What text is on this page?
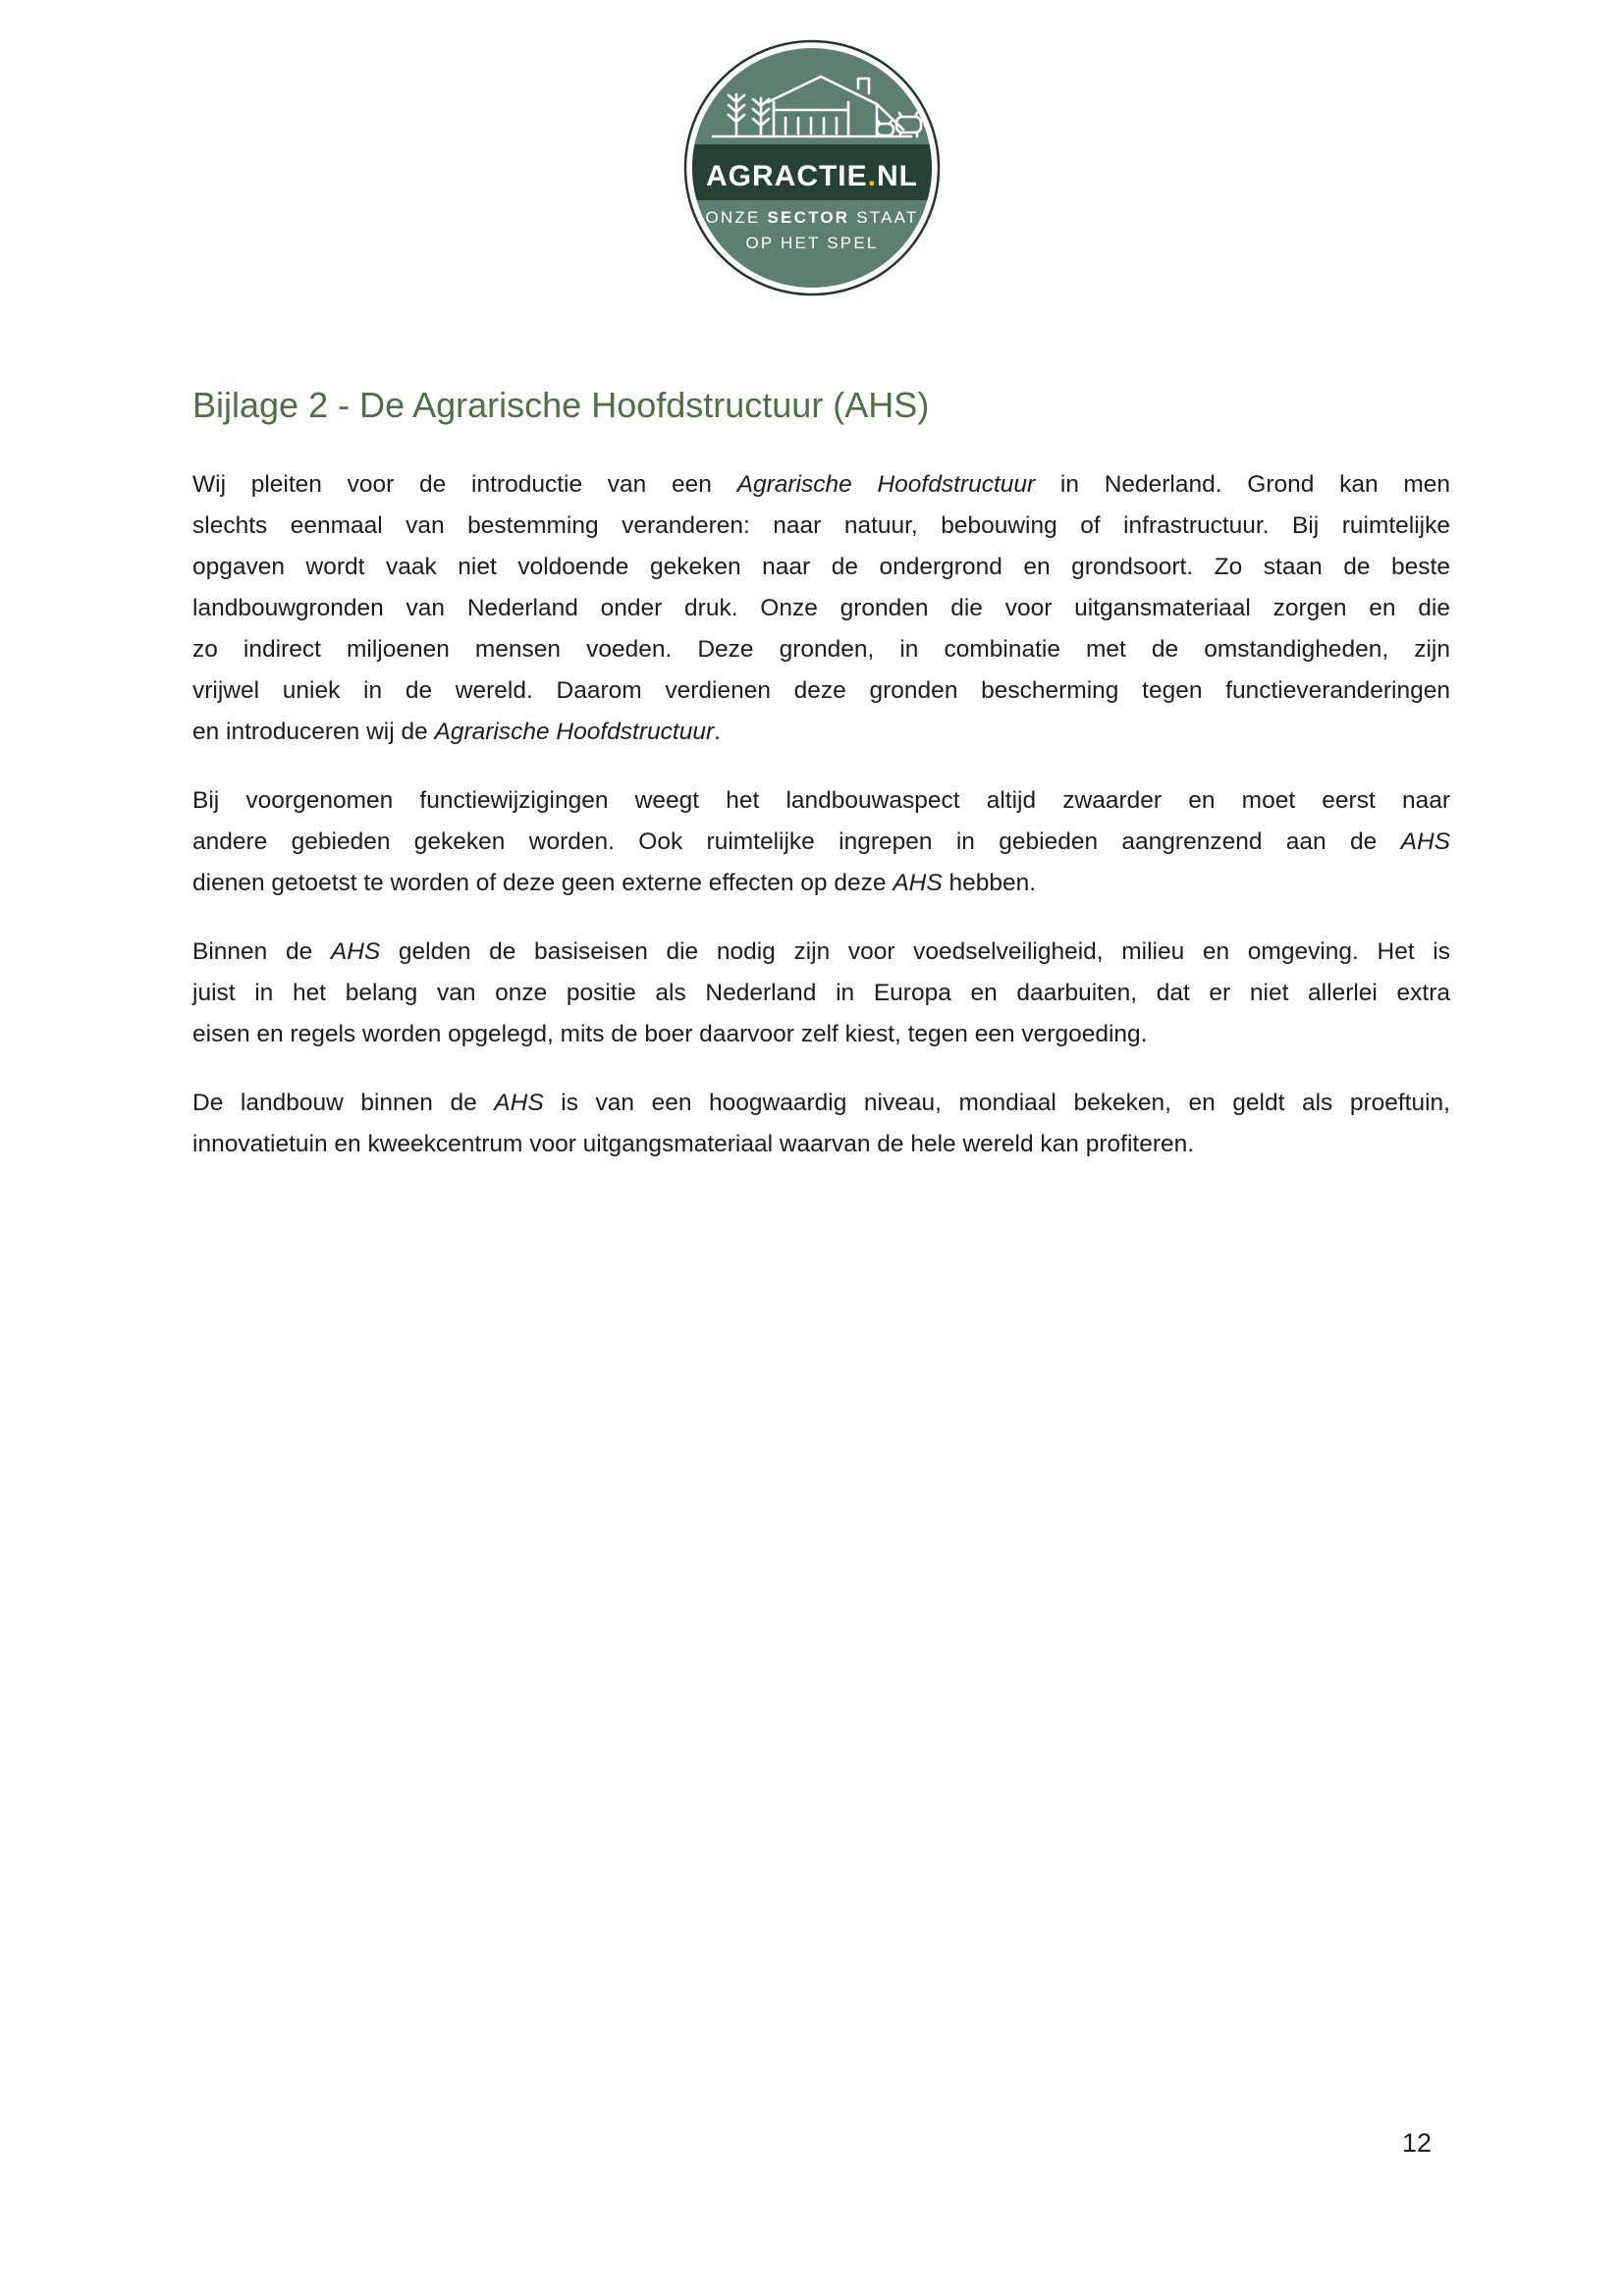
AGRACTIE.NL
ONZE SECTOR STAAT
OP HET SPEL
Bijlage 2 - De Agrarische Hoofdstructuur (AHS)

Wij pleiten voor de introductie van een Agrarische Hoofdstructuur in Nederland. Grond kan men
slechts eenmaal van bestemming veranderen: naar natuur, bebouwing of infrastructuur. Bij ruimtelijke
opgaven wordt vaak niet voldoende gekeken naar de ondergrond en grondsoort. Zo staan de beste
landbouwgronden van Nederland onder druk. Onze gronden die voor uitgansmateriaal zorgen en die
zo indirect miljoenen mensen voeden. Deze gronden, in combinatie met de omstandigheden, zijn
vrijwel uniek in de wereld. Daarom verdienen deze gronden bescherming tegen functieveranderingen
en introduceren wij de Agrarische Hoofdstructuur.

Bij voorgenomen functiewijzigingen weegt het landbouwaspect altijd zwaarder en moet eerst naar
andere gebieden gekeken worden. Ook ruimtelijke ingrepen in gebieden aangrenzend aan de AHS
dienen getoetst te worden of deze geen externe effecten op deze AHS hebben.

Binnen de AHS gelden de basiseisen die nodig zijn voor voedselveiligheid, milieu en omgeving. Het is
juist in het belang van onze positie als Nederland in Europa en daarbuiten, dat er niet allerlei extra
eisen en regels worden opgelegd, mits de boer daarvoor zelf kiest, tegen een vergoeding.

De landbouw binnen de AHS is van een hoogwaardig niveau, mondiaal bekeken, en geldt als proeftuin,
innovatietuin en kweekcentrum voor uitgangsmateriaal waarvan de hele wereld kan profiteren.

12
